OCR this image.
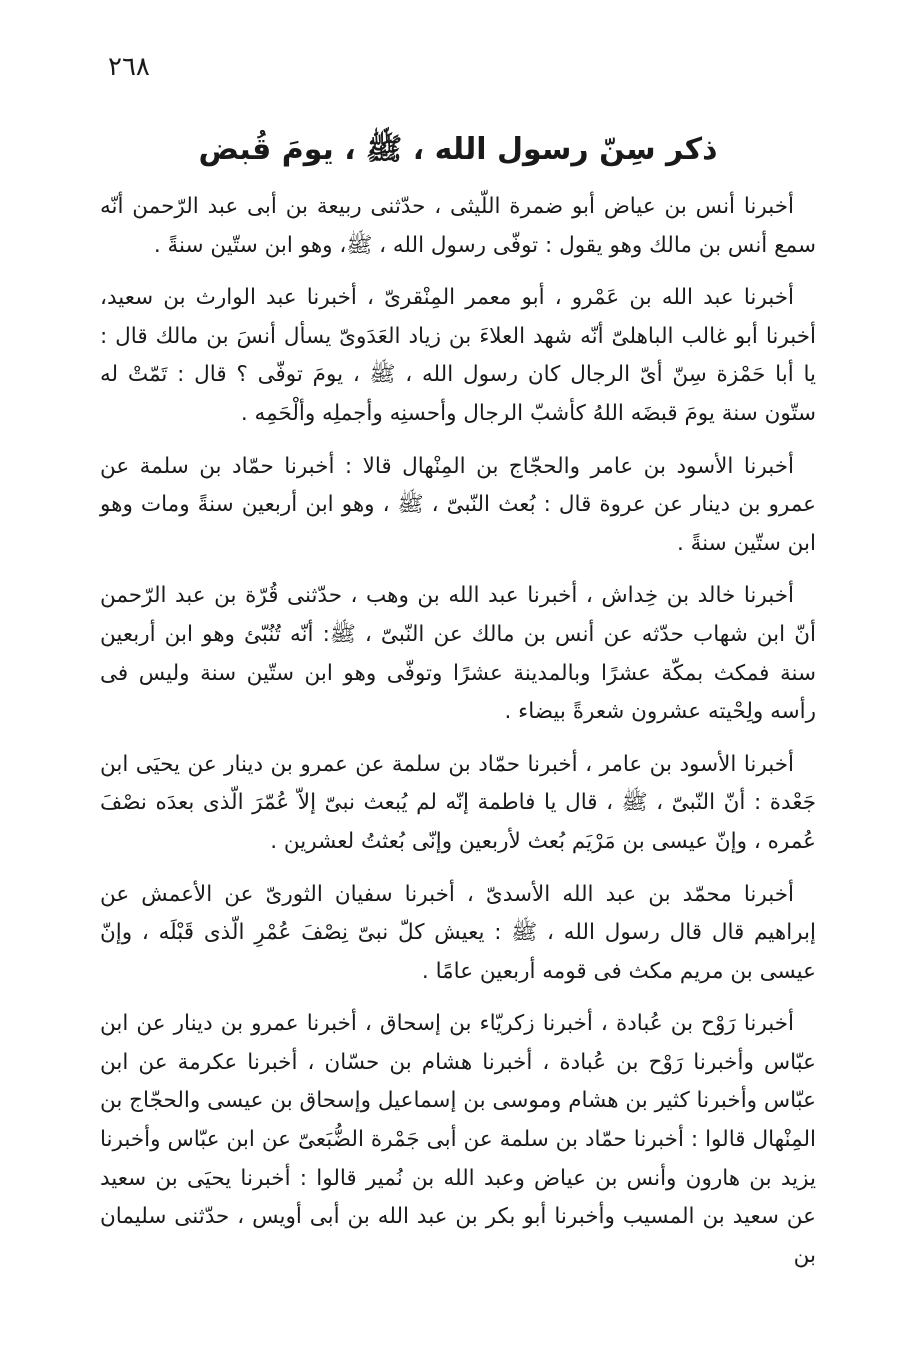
٢٦٨
ذكر سِنّ رسول الله ، ﷺ ، يومَ قُبض

أخبرنا أنس بن عياض أبو ضمرة اللّيثى ، حدّثنى ربيعة بن أبى عبد الرّحمن أنّه سمع أنس بن مالك وهو يقول : توفّى رسول الله ، ﷺ، وهو ابن ستّين سنةً .

أخبرنا عبد الله بن عَمْرو ، أبو معمر المِنْقرىّ ، أخبرنا عبد الوارث بن سعيد، أخبرنا أبو غالب الباهلىّ أنّه شهد العلاءَ بن زياد العَدَوىّ يسأل أنسَ بن مالك قال : يا أبا حَمْزة سِنّ أىّ الرجال كان رسول الله ، ﷺ ، يومَ توفّى ؟ قال : تَمّتْ له ستّون سنة يومَ قبضَه اللهُ كأشبّ الرجال وأحسنِه وأجملِه وألْحَمِه .

أخبرنا الأسود بن عامر والحجّاج بن المِنْهال قالا : أخبرنا حمّاد بن سلمة عن عمرو بن دينار عن عروة قال : بُعث النّبىّ ، ﷺ ، وهو ابن أربعين سنةً ومات وهو ابن ستّين سنةً .

أخبرنا خالد بن خِداش ، أخبرنا عبد الله بن وهب ، حدّثنى قُرّة بن عبد الرّحمن أنّ ابن شهاب حدّثه عن أنس بن مالك عن النّبىّ ، ﷺ: أنّه تُنُبّئ وهو ابن أربعين سنة فمكث بمكّة عشرًا وبالمدينة عشرًا وتوفّى وهو ابن ستّين سنة وليس فى رأسه ولِحْيته عشرون شعرةً بيضاء .

أخبرنا الأسود بن عامر ، أخبرنا حمّاد بن سلمة عن عمرو بن دينار عن يحيَى ابن جَعْدة : أنّ النّبىّ ، ﷺ ، قال يا فاطمة إنّه لم يُبعث نبىّ إلاّ عُمّرَ الّذى بعدَه نصْفَ عُمره ، وإنّ عيسى بن مَرْيَم بُعث لأربعين وإنّى بُعثتُ لعشرين .

أخبرنا محمّد بن عبد الله الأسدىّ ، أخبرنا سفيان الثورىّ عن الأعمش عن إبراهيم قال قال رسول الله ، ﷺ : يعيش كلّ نبىّ نِصْفَ عُمْرِ الّذى قَبْلَه ، وإنّ عيسى بن مريم مكث فى قومه أربعين عامًا .

أخبرنا رَوْح بن عُبادة ، أخبرنا زكريّاء بن إسحاق ، أخبرنا عمرو بن دينار عن ابن عبّاس وأخبرنا رَوْح بن عُبادة ، أخبرنا هشام بن حسّان ، أخبرنا عكرمة عن ابن عبّاس وأخبرنا كثير بن هشام وموسى بن إسماعيل وإسحاق بن عيسى والحجّاج بن المِنْهال قالوا : أخبرنا حمّاد بن سلمة عن أبى جَمْرة الضُّبَعىّ عن ابن عبّاس وأخبرنا يزيد بن هارون وأنس بن عياض وعبد الله بن نُمير قالوا : أخبرنا يحيَى بن سعيد عن سعيد بن المسيب وأخبرنا أبو بكر بن عبد الله بن أبى أويس ، حدّثنى سليمان بن
